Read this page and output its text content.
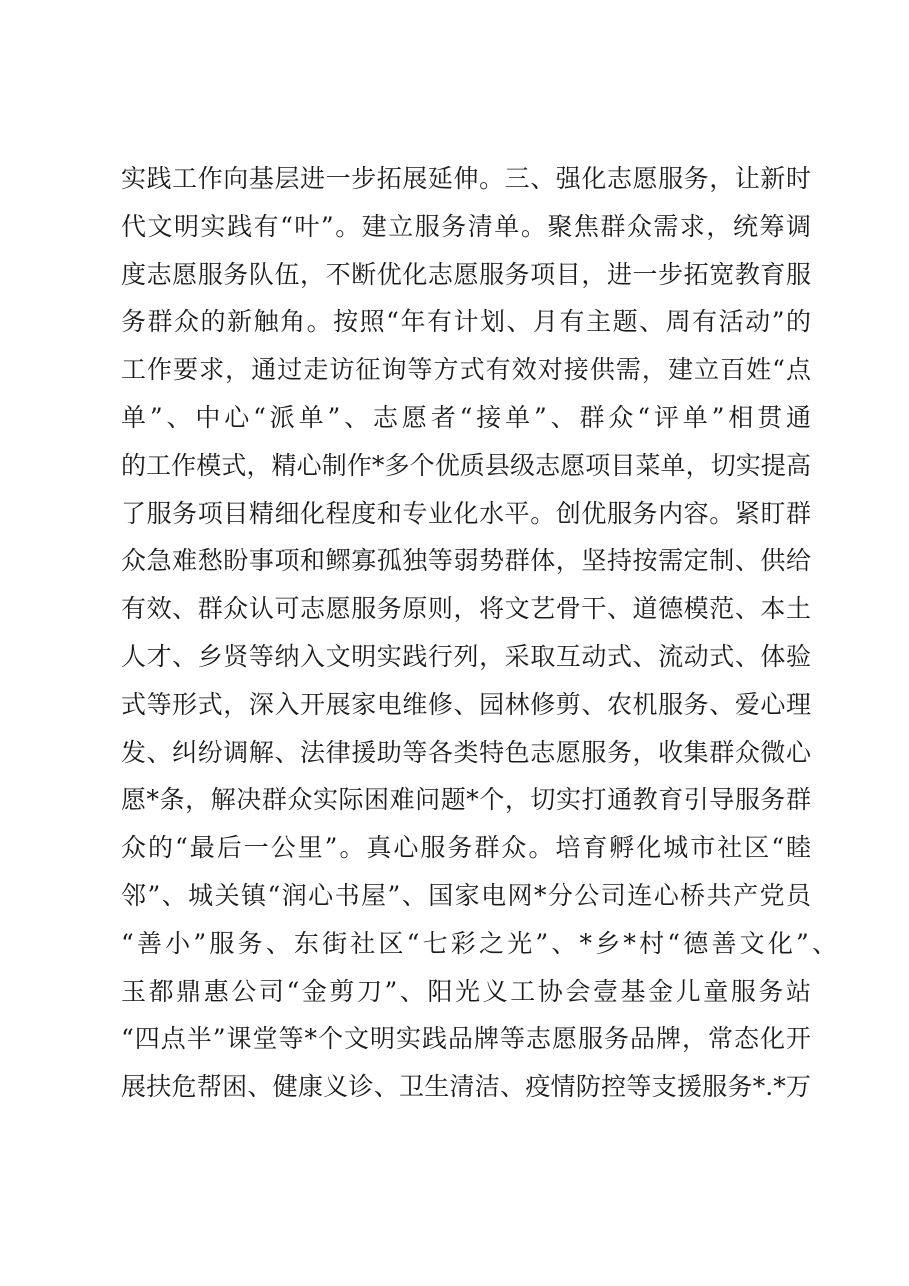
实践工作向基层进一步拓展延伸。三、强化志愿服务，让新时
代文明实践有“叶”。建立服务清单。聚焦群众需求，统筹调
度志愿服务队伍，不断优化志愿服务项目，进一步拓宽教育服
务群众的新触角。按照“年有计划、月有主题、周有活动”的
工作要求，通过走访征询等方式有效对接供需，建立百姓“点
单”、中心“派单”、志愿者“接单”、群众“评单”相贯通
的工作模式，精心制作*多个优质县级志愿项目菜单，切实提高
了服务项目精细化程度和专业化水平。创优服务内容。紧盯群
众急难愁盼事项和鳏寡孤独等弱势群体，坚持按需定制、供给
有效、群众认可志愿服务原则，将文艺骨干、道德模范、本土
人才、乡贤等纳入文明实践行列，采取互动式、流动式、体验
式等形式，深入开展家电维修、园林修剪、农机服务、爱心理
发、纠纷调解、法律援助等各类特色志愿服务，收集群众微心
愿*条，解决群众实际困难问题*个，切实打通教育引导服务群
众的“最后一公里”。真心服务群众。培育孵化城市社区“睦
邻”、城关镇“润心书屋”、国家电网*分公司连心桥共产党员
“善小”服务、东街社区“七彩之光”、*乡*村“德善文化”、
玉都鼎惠公司“金剪刀”、阳光义工协会壹基金儿童服务站
“四点半”课堂等*个文明实践品牌等志愿服务品牌，常态化开
展扶危帮困、健康义诊、卫生清洁、疫情防控等支援服务*.*万
